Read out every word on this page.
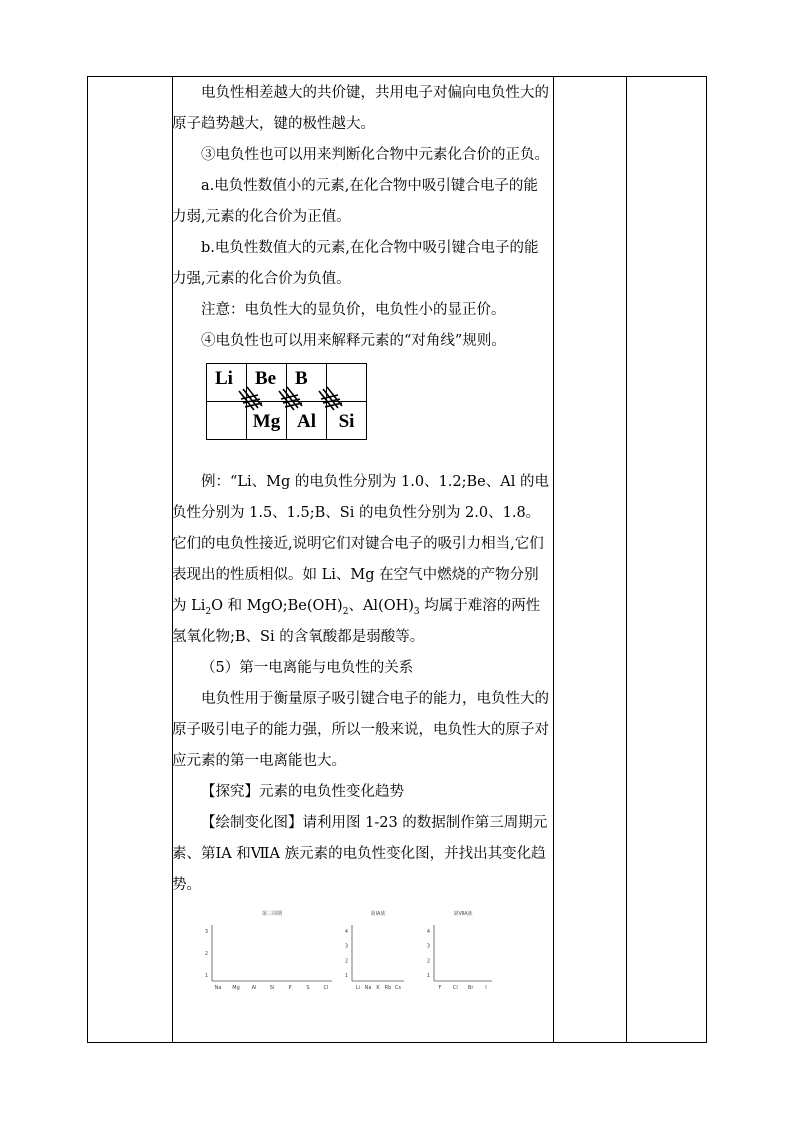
电负性相差越大的共价键，共用电子对偏向电负性大的原子趋势越大，键的极性越大。

③电负性也可以用来判断化合物中元素化合价的正负。

a.电负性数值小的元素,在化合物中吸引键合电子的能力弱,元素的化合价为正值。

b.电负性数值大的元素,在化合物中吸引键合电子的能力强,元素的化合价为负值。

注意：电负性大的显负价，电负性小的显正价。

④电负性也可以用来解释元素的“对角线”规则。

Li	Be	B	
	Mg	Al	Si

例：“Li、Mg 的电负性分别为 1.0、1.2;Be、Al 的电负性分别为 1.5、1.5;B、Si 的电负性分别为 2.0、1.8。它们的电负性接近,说明它们对键合电子的吸引力相当,它们表现出的性质相似。如 Li、Mg 在空气中燃烧的产物分别为 $Li_2O$ 和 $MgO;Be(OH)_2$、$Al(OH)_3$ 均属于难溶的两性氢氧化物;B、Si 的含氧酸都是弱酸等。

（5）第一电离能与电负性的关系

电负性用于衡量原子吸引键合电子的能力，电负性大的原子吸引电子的能力强，所以一般来说，电负性大的原子对应元素的第一电离能也大。

【探究】元素的电负性变化趋势

【绘制变化图】请利用图 1-23 的数据制作第三周期元素、第ⅠA 和ⅦA 族元素的电负性变化图，并找出其变化趋势。

第三周期
3
2
1
Na Mg Al	Si	P	S	Cl
第ⅠA族
4
3
2
1
Li Na K Rb Cs
第ⅦA族
4
3
2
1
F Cl Br I
